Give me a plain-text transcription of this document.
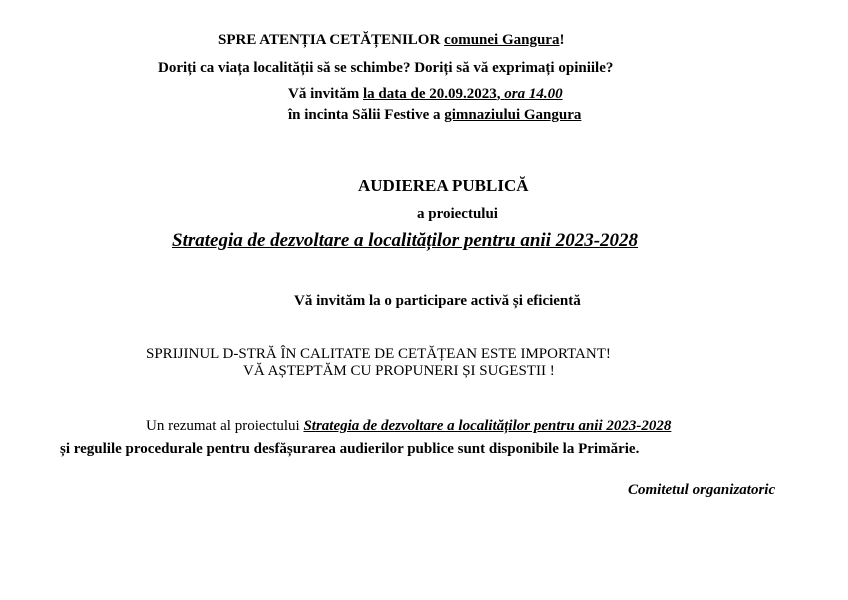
SPRE ATENȚIA CETĂȚENILOR comunei Gangura!
Doriți ca viața localității să se schimbe? Doriți să vă exprimați opiniile?
Vă invităm la data de 20.09.2023, ora 14.00
în incinta Sălii Festive a gimnaziului Gangura
AUDIEREA PUBLICĂ
a proiectului
Strategia de dezvoltare a localităților pentru anii 2023-2028
Vă invităm la o participare activă și eficientă
SPRIJINUL D-STRĂ ÎN CALITATE DE CETĂȚEAN ESTE IMPORTANT!
VĂ AȘTEPTĂM CU PROPUNERI ȘI SUGESTII !
Un rezumat al proiectului Strategia de dezvoltare a localităților pentru anii 2023-2028
și regulile procedurale pentru desfășurarea audierilor publice sunt disponibile la Primărie.
Comitetul organizatoric
